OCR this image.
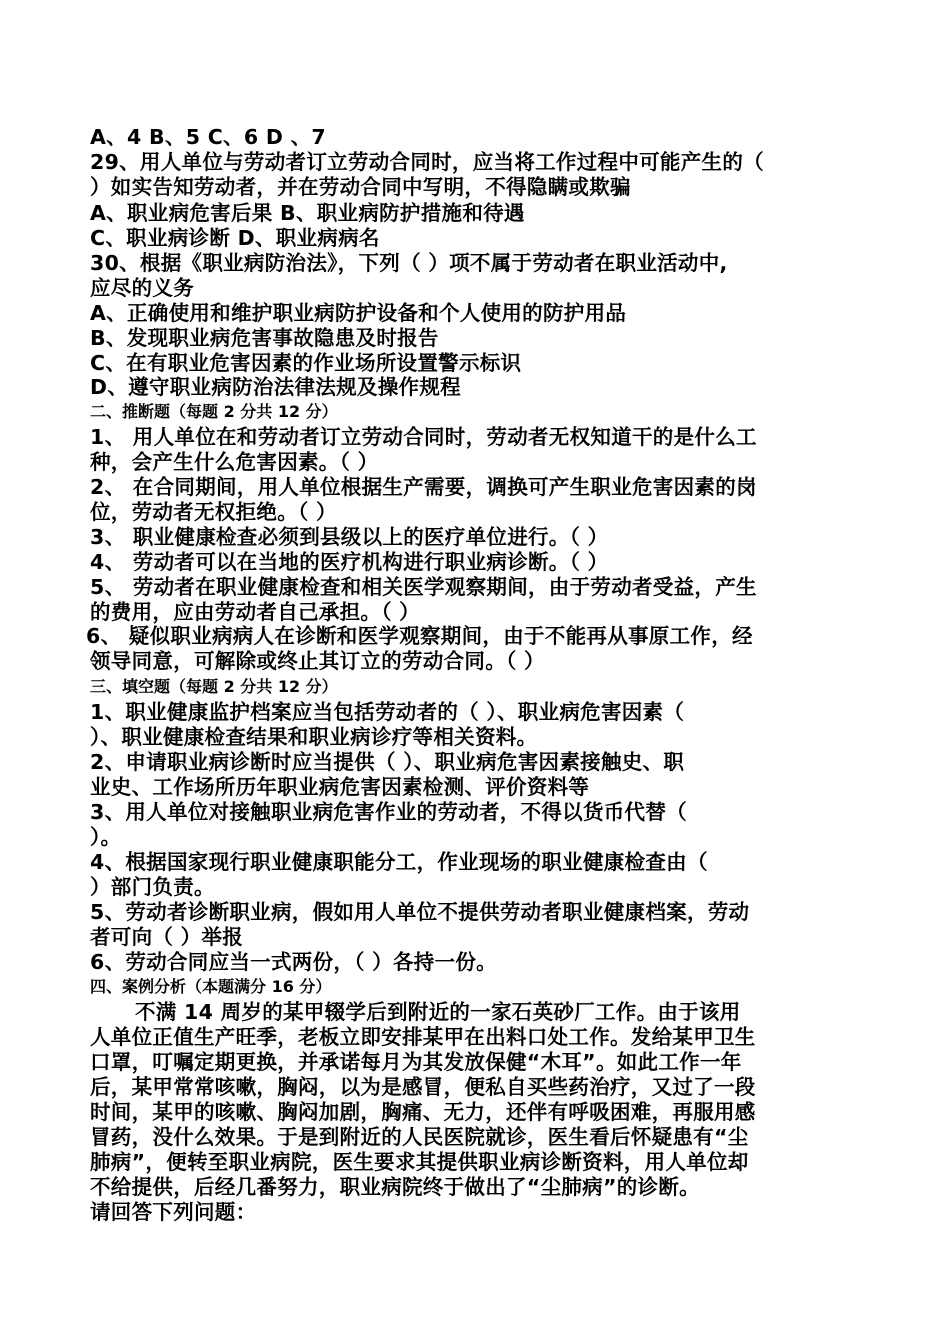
A、4 B、5 C、6 D 、7
29、用人单位与劳动者订立劳动合同时，应当将工作过程中可能产生的（
）如实告知劳动者，并在劳动合同中写明，不得隐瞒或欺骗
A、职业病危害后果 B、职业病防护措施和待遇
C、职业病诊断 D、职业病病名
30、根据《职业病防治法》，下列（ ）项不属于劳动者在职业活动中,
应尽的义务
A、正确使用和维护职业病防护设备和个人使用的防护用品
B、发现职业病危害事故隐患及时报告
C、在有职业危害因素的作业场所设置警示标识
D、遵守职业病防治法律法规及操作规程
二、推断题（每题 2 分共 12 分）
1、 用人单位在和劳动者订立劳动合同时，劳动者无权知道干的是什么工
种，会产生什么危害因素。（ ）
2、 在合同期间，用人单位根据生产需要，调换可产生职业危害因素的岗
位，劳动者无权拒绝。（ ）
3、 职业健康检查必须到县级以上的医疗单位进行。（ ）
4、 劳动者可以在当地的医疗机构进行职业病诊断。（ ）
5、 劳动者在职业健康检查和相关医学观察期间，由于劳动者受益，产生
的费用，应由劳动者自己承担。（ ）
6、 疑似职业病病人在诊断和医学观察期间，由于不能再从事原工作，经
领导同意，可解除或终止其订立的劳动合同。（ ）
三、填空题（每题 2 分共 12 分）
1、职业健康监护档案应当包括劳动者的（ ）、职业病危害因素（
）、职业健康检查结果和职业病诊疗等相关资料。
2、申请职业病诊断时应当提供（ ）、职业病危害因素接触史、职
业史、工作场所历年职业病危害因素检测、评价资料等
3、用人单位对接触职业病危害作业的劳动者，不得以货币代替（
）。
4、根据国家现行职业健康职能分工，作业现场的职业健康检查由（
）部门负责。
5、劳动者诊断职业病，假如用人单位不提供劳动者职业健康档案，劳动
者可向（ ）举报
6、劳动合同应当一式两份，（ ）各持一份。
四、案例分析（本题满分 16 分）
不满 14 周岁的某甲辍学后到附近的一家石英砂厂工作。由于该用
人单位正值生产旺季，老板立即安排某甲在出料口处工作。发给某甲卫生
口罩，叮嘱定期更换，并承诺每月为其发放保健“木耳”。如此工作一年
后，某甲常常咳嗽，胸闷，以为是感冒，便私自买些药治疗，又过了一段
时间，某甲的咳嗽、胸闷加剧，胸痛、无力，还伴有呼吸困难，再服用感
冒药，没什么效果。于是到附近的人民医院就诊，医生看后怀疑患有“尘
肺病”，便转至职业病院，医生要求其提供职业病诊断资料，用人单位却
不给提供，后经几番努力，职业病院终于做出了“尘肺病”的诊断。
请回答下列问题：
